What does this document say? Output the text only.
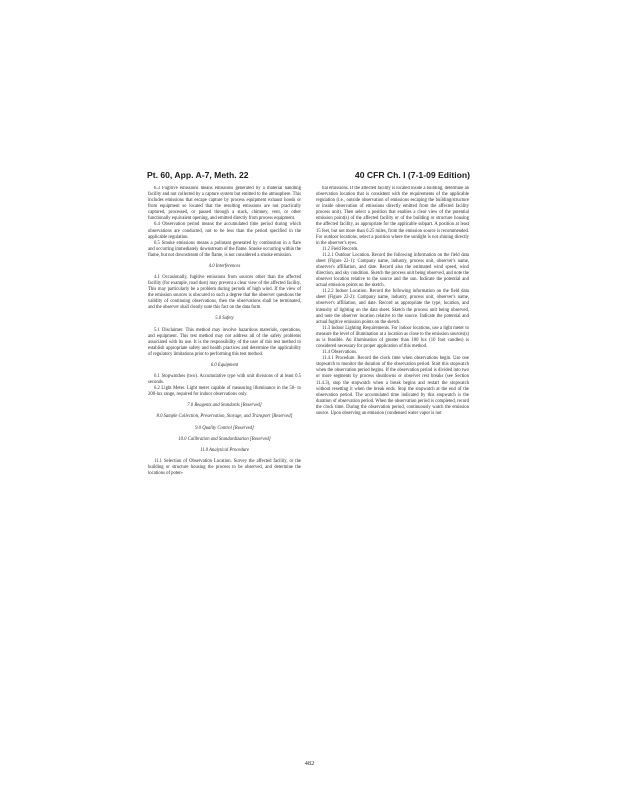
Pt. 60, App. A-7, Meth. 22	40 CFR Ch. I (7-1-09 Edition)

6.3 Fugitive emissions means emissions generated by a material handling facility and not collected by a capture system but emitted to the atmosphere. This includes emissions that escape capture by process equipment exhaust hoods or from equipment so located that the resulting emissions are not practically captured, processed, or passed through a stack, chimney, vent, or other functionally equivalent opening, and emitted directly from process equipment.

6.4 Observation period means the accumulated time period during which observations are conducted, not to be less than the period specified in the applicable regulation.

6.5 Smoke emissions means a pollutant generated by combustion in a flare and occurring immediately downstream of the flame. Smoke occurring within the flame, but not downstream of the flame, is not considered a smoke emission.

4.0 Interferences

4.1 Occasionally, fugitive emissions from sources other than the affected facility (for example, road dust) may prevent a clear view of the affected facility. This may particularly be a problem during periods of high wind. If the view of the emission sources is obscured to such a degree that the observer questions the validity of continuing observations, then the observations shall be terminated, and the observer shall clearly note this fact on the data form.

5.0 Safety

5.1 Disclaimer. This method may involve hazardous materials, operations, and equipment. This test method may not address all of the safety problems associated with its use. It is the responsibility of the user of this test method to establish appropriate safety and health practices and determine the applicability of regulatory limitations prior to performing this test method.

6.0 Equipment

6.1 Stopwatches (two). Accumulative type with unit divisions of at least 0.5 seconds.

6.2 Light Meter. Light meter capable of measuring illuminance in the 50- to 200-lux range, required for indoor observations only.

7.0 Reagents and Standards [Reserved]

8.0 Sample Collection, Preservation, Storage, and Transport [Reserved]

9.0 Quality Control [Reserved]

10.0 Calibration and Standardization [Reserved]

11.0 Analytical Procedure

11.1 Selection of Observation Location. Survey the affected facility, or the building or structure housing the process to be observed, and determine the locations of poten-

tial emissions. If the affected facility is located inside a building, determine an observation location that is consistent with the requirements of the applicable regulation (i.e., outside observation of emissions escaping the building/structure or inside observation of emissions directly emitted from the affected facility process unit). Then select a position that enables a clear view of the potential emission point(s) of the affected facility or of the building or structure housing the affected facility, as appropriate for the applicable subpart. A position at least 15 feet, but not more than 0.25 miles, from the emission source is recommended. For outdoor locations, select a position where the sunlight is not shining directly in the observer's eyes.

11.2 Field Records.

11.2.1 Outdoor Location. Record the following information on the field data sheet (Figure 22-1): Company name, industry, process unit, observer's name, observer's affiliation, and date. Record also the estimated wind speed, wind direction, and sky condition. Sketch the process unit being observed, and note the observer location relative to the source and the sun. Indicate the potential and actual emission points on the sketch.

11.2.2 Indoor Location. Record the following information on the field data sheet (Figure 22-2): Company name, industry, process unit, observer's name, observer's affiliation, and date. Record as appropriate the type, location, and intensity of lighting on the data sheet. Sketch the process unit being observed, and note the observer location relative to the source. Indicate the potential and actual fugitive emission points on the sketch.

11.3 Indoor Lighting Requirements. For indoor locations, use a light meter to measure the level of illumination at a location as close to the emission sources(s) as is feasible. An illumination of greater than 100 lux (10 foot candles) is considered necessary for proper application of this method.

11.4 Observations.

11.4.1 Procedure. Record the clock time when observations begin. Use one stopwatch to monitor the duration of the observation period. Start this stopwatch when the observation period begins. If the observation period is divided into two or more segments by process shutdowns or observer rest breaks (see Section 11.4.3), stop the stopwatch when a break begins and restart the stopwatch without resetting it when the break ends. Stop the stopwatch at the end of the observation period. The accumulated time indicated by this stopwatch is the duration of observation period. When the observation period is completed, record the clock time. During the observation period, continuously watch the emission source. Upon observing an emission (condensed water vapor is not

482
